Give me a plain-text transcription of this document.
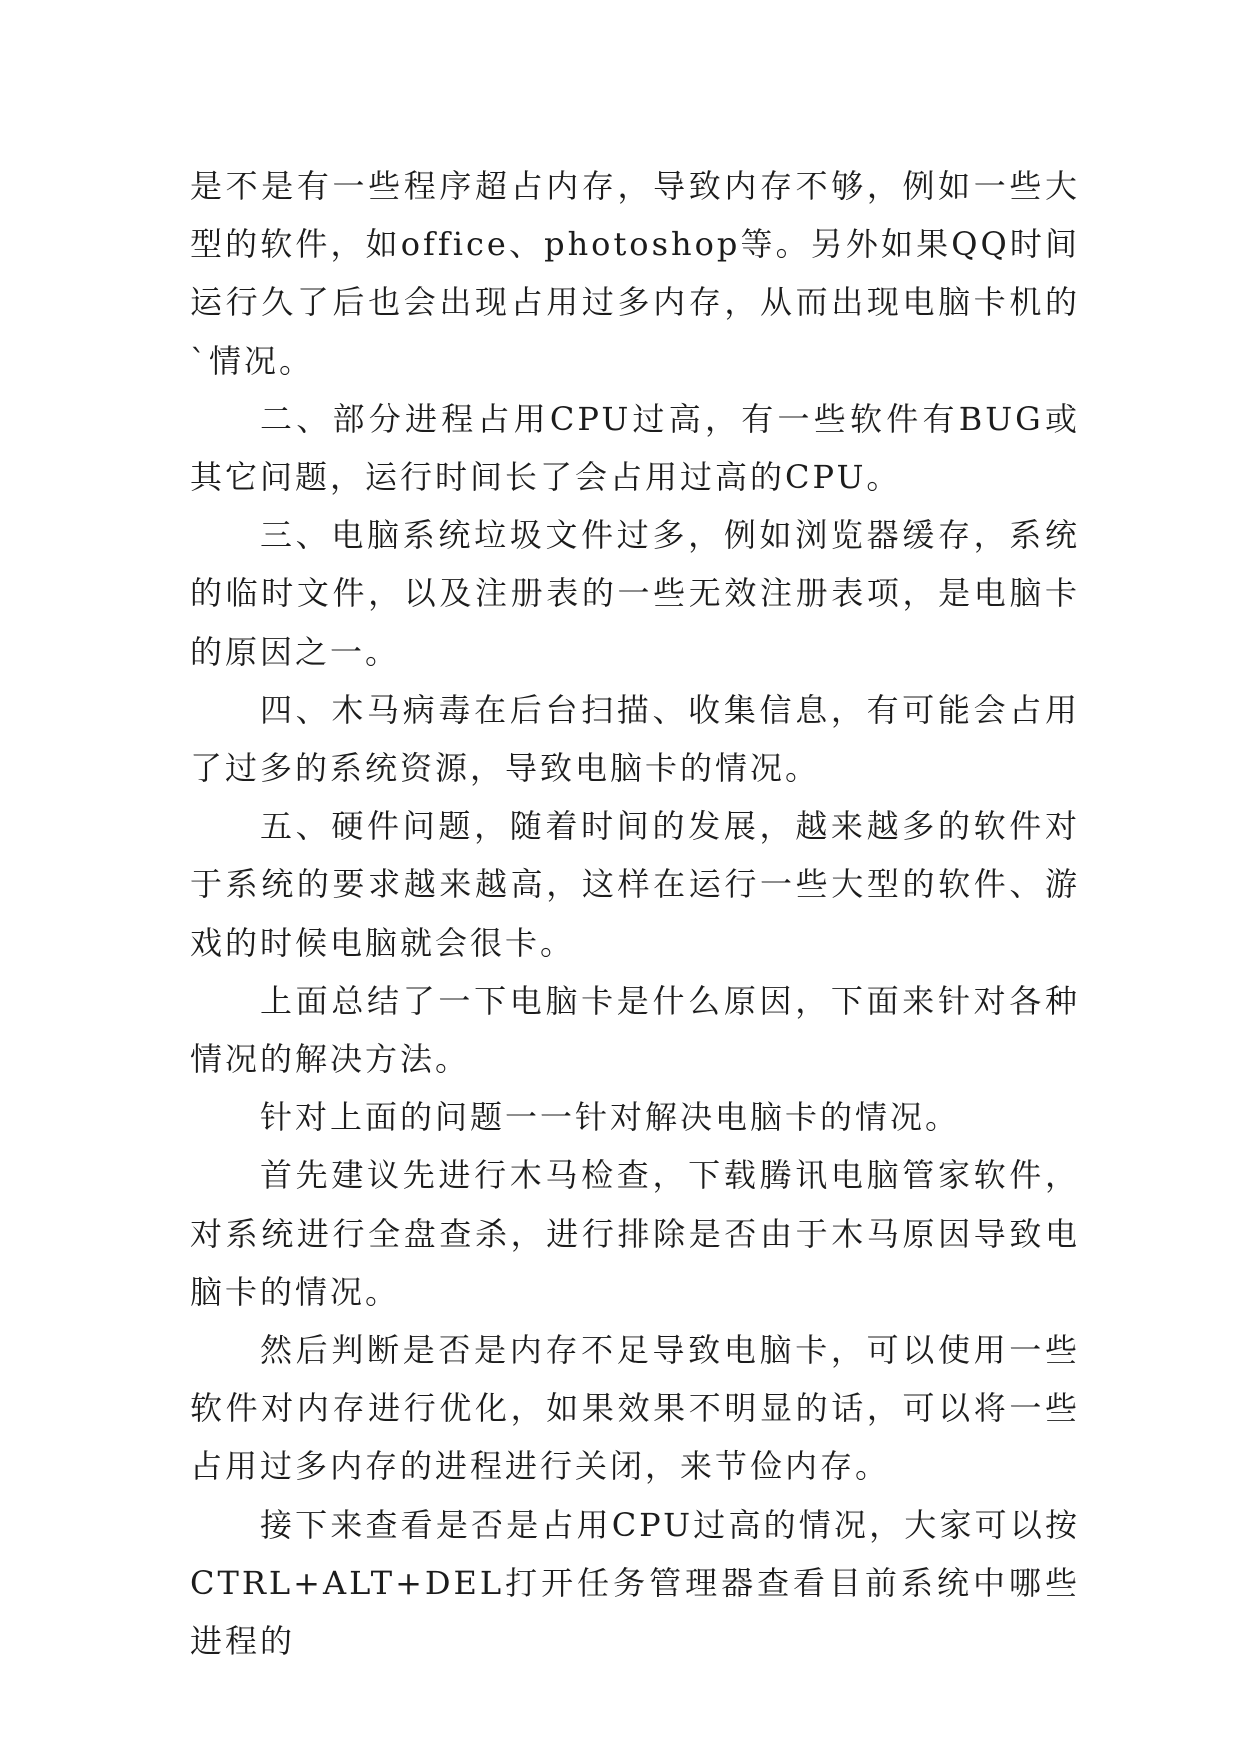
是不是有一些程序超占内存，导致内存不够，例如一些大型的软件，如office、photoshop等。另外如果QQ时间运行久了后也会出现占用过多内存，从而出现电脑卡机的`情况。

二、部分进程占用CPU过高，有一些软件有BUG或其它问题，运行时间长了会占用过高的CPU。

三、电脑系统垃圾文件过多，例如浏览器缓存，系统的临时文件，以及注册表的一些无效注册表项，是电脑卡的原因之一。

四、木马病毒在后台扫描、收集信息，有可能会占用了过多的系统资源，导致电脑卡的情况。

五、硬件问题，随着时间的发展，越来越多的软件对于系统的要求越来越高，这样在运行一些大型的软件、游戏的时候电脑就会很卡。

上面总结了一下电脑卡是什么原因，下面来针对各种情况的解决方法。

针对上面的问题一一针对解决电脑卡的情况。

首先建议先进行木马检查，下载腾讯电脑管家软件，对系统进行全盘查杀，进行排除是否由于木马原因导致电脑卡的情况。

然后判断是否是内存不足导致电脑卡，可以使用一些软件对内存进行优化，如果效果不明显的话，可以将一些占用过多内存的进程进行关闭，来节俭内存。

接下来查看是否是占用CPU过高的情况，大家可以按CTRL+ALT+DEL打开任务管理器查看目前系统中哪些进程的
